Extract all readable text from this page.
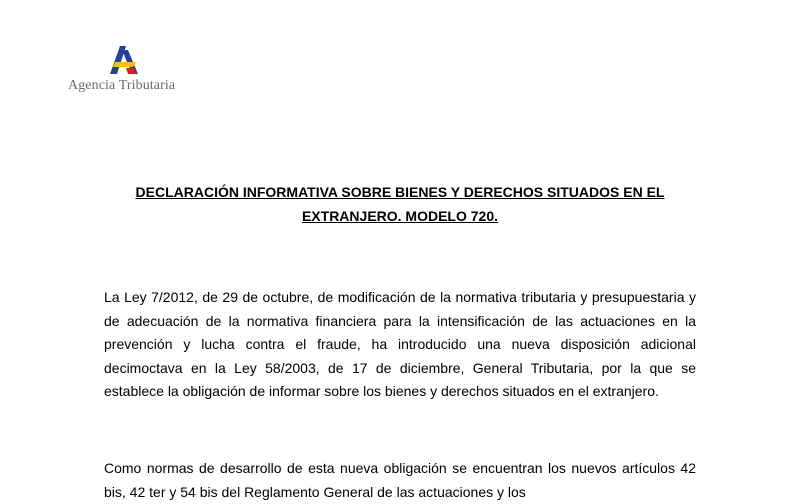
Agencia Tributaria
DECLARACIÓN INFORMATIVA SOBRE BIENES Y DERECHOS SITUADOS EN EL
EXTRANJERO. MODELO 720.
La Ley 7/2012, de 29 de octubre, de modificación de la normativa tributaria y presupuestaria y de adecuación de la normativa financiera para la intensificación de las actuaciones en la prevención y lucha contra el fraude, ha introducido una nueva disposición adicional decimoctava en la Ley 58/2003, de 17 de diciembre, General Tributaria, por la que se establece la obligación de informar sobre los bienes y derechos situados en el extranjero.
Como normas de desarrollo de esta nueva obligación se encuentran los nuevos artículos 42 bis, 42 ter y 54 bis del Reglamento General de las actuaciones y los
